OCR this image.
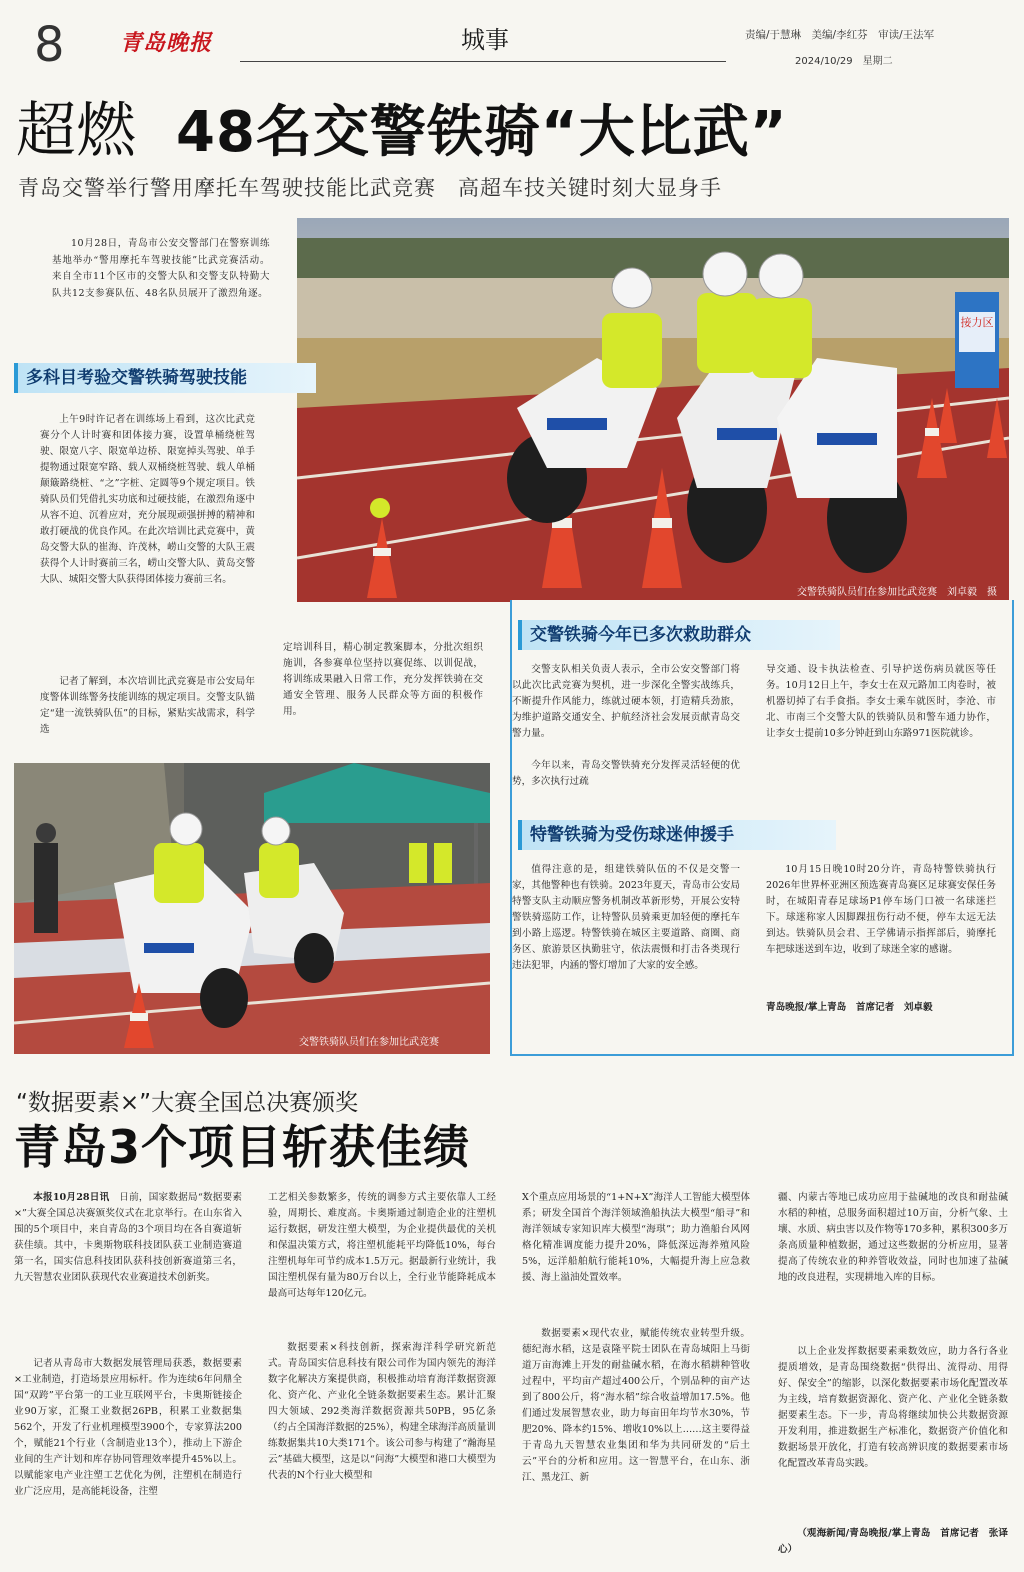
8	青岛晚报	城事	责编/于慧琳　美编/李红芬　审读/王法军
2024/10/29　星期二
超燃 48名交警铁骑“大比武”
青岛交警举行警用摩托车驾驶技能比武竞赛　高超车技关键时刻大显身手

10月28日，青岛市公安交警部门在警察训练基地举办“警用摩托车驾驶技能”比武竞赛活动。来自全市11个区市的交警大队和交警支队特勤大队共12支参赛队伍、48名队员展开了激烈角逐。

接力区
交警铁骑队员们在参加比武竞赛　刘卓毅　摄
多科目考验交警铁骑驾驶技能

上午9时许记者在训练场上看到，这次比武竞赛分个人计时赛和团体接力赛，设置单桶绕桩驾驶、限宽八字、限宽单边桥、限宽掉头驾驶、单手提物通过限宽窄路、载人双桶绕桩驾驶、载人单桶颠簸路绕桩、“之”字桩、定圆等9个规定项目。铁骑队员们凭借扎实功底和过硬技能，在激烈角逐中从容不迫、沉着应对，充分展现顽强拼搏的精神和敢打硬战的优良作风。在此次培训比武竞赛中，黄岛交警大队的崔海、许茂林，崂山交警的大队王震获得个人计时赛前三名，崂山交警大队、黄岛交警大队、城阳交警大队获得团体接力赛前三名。

记者了解到，本次培训比武竞赛是市公安局年度警体训练警务技能训练的规定项目。交警支队锚定“建一流铁骑队伍”的目标，紧贴实战需求，科学选

定培训科目，精心制定教案脚本，分批次组织施训，各参赛单位坚持以赛促练、以训促战，将训练成果融入日常工作，充分发挥铁骑在交通安全管理、服务人民群众等方面的积极作用。

交警铁骑今年已多次救助群众

交警支队相关负责人表示，全市公安交警部门将以此次比武竞赛为契机，进一步深化全警实战练兵，不断提升作风能力，练就过硬本领，打造精兵劲旅，为维护道路交通安全、护航经济社会发展贡献青岛交警力量。

今年以来，青岛交警铁骑充分发挥灵活轻便的优势，多次执行过疏

导交通、设卡执法检查、引导护送伤病员就医等任务。10月12日上午，李女士在双元路加工肉卷时，被机器切掉了右手食指。李女士乘车就医时，李沧、市北、市南三个交警大队的铁骑队员和警车通力协作，让李女士提前10多分钟赶到山东路971医院就诊。

特警铁骑为受伤球迷伸援手

值得注意的是，组建铁骑队伍的不仅是交警一家，其他警种也有铁骑。2023年夏天，青岛市公安局特警支队主动顺应警务机制改革新形势，开展公安特警铁骑巡防工作，让特警队员骑乘更加轻便的摩托车到小路上巡逻。特警铁骑在城区主要道路、商圈、商务区、旅游景区执勤驻守，依法震慑和打击各类现行违法犯罪，内涵的警灯增加了大家的安全感。

10月15日晚10时20分许，青岛特警铁骑执行2026年世界杯亚洲区预选赛青岛赛区足球赛安保任务时，在城阳青春足球场P1停车场门口被一名球迷拦下。球迷称家人因脚踝扭伤行动不便，停车太远无法到达。铁骑队员会君、王学佛请示指挥部后，骑摩托车把球迷送到车边，收到了球迷全家的感谢。

青岛晚报/掌上青岛　首席记者　刘卓毅
交警铁骑队员们在参加比武竞赛
“数据要素×”大赛全国总决赛颁奖
青岛3个项目斩获佳绩

本报10月28日讯　 日前，国家数据局“数据要素×”大赛全国总决赛颁奖仪式在北京举行。在山东省入围的5个项目中，来自青岛的3个项目均在各自赛道斩获佳绩。其中，卡奥斯物联科技团队获工业制造赛道第一名，国实信息科技团队获科技创新赛道第三名，九天智慧农业团队获现代农业赛道技术创新奖。

记者从青岛市大数据发展管理局获悉，数据要素×工业制造，打造场景应用标杆。作为连续6年问鼎全国“双跨”平台第一的工业互联网平台，卡奥斯链接企业90万家，汇聚工业数据26PB，积累工业数据集562个，开发了行业机理模型3900个，专家算法200个，赋能21个行业（含制造业13个），推动上下游企业间的生产计划和库存协同管理效率提升45%以上。以赋能家电产业注塑工艺优化为例，注塑机在制造行业广泛应用，是高能耗设备，注塑

工艺相关参数繁多，传统的调参方式主要依靠人工经验，周期长、难度高。卡奥斯通过制造企业的注塑机运行数据，研发注塑大模型，为企业提供最优的关机和保温决策方式，将注塑机能耗平均降低10%，每台注塑机每年可节约成本1.5万元。据最新行业统计，我国注塑机保有量为80万台以上，全行业节能降耗成本最高可达每年120亿元。

数据要素×科技创新，探索海洋科学研究新范式。青岛国实信息科技有限公司作为国内领先的海洋数字化解决方案提供商，积极推动培育海洋数据资源化、资产化、产业化全链条数据要素生态。累计汇聚四大领域、292类海洋数据资源共50PB，95亿条（约占全国海洋数据的25%），构建全球海洋高质量训练数据集共10大类171个。该公司参与构建了“瀚海星云”基础大模型，这是以“问海”大模型和港口大模型为代表的N个行业大模型和

X个重点应用场景的“1+N+X”海洋人工智能大模型体系；研发全国首个海洋领域渔船执法大模型“船寻”和海洋领域专家知识库大模型“海琪”；助力渔船台风网格化精准调度能力提升20%，降低深远海养殖风险5%，远洋船舶航行能耗10%，大幅提升海上应急救援、海上溢油处置效率。

数据要素×现代农业，赋能传统农业转型升级。德纪海水稻，这是袁隆平院士团队在青岛城阳上马街道万亩海滩上开发的耐盐碱水稻，在海水稻耕种管收过程中，平均亩产超过400公斤，个别品种的亩产达到了800公斤，将“海水稻”综合收益增加17.5%。他们通过发展智慧农业，助力每亩田年均节水30%，节肥20%、降本约15%、增收10%以上……这主要得益于青岛九天智慧农业集团和华为共同研发的“后土云”平台的分析和应用。这一智慧平台，在山东、浙江、黑龙江、新

疆、内蒙古等地已成功应用于盐碱地的改良和耐盐碱水稻的种植，总服务面积超过10万亩，分析气象、土壤、水质、病虫害以及作物等170多种，累积300多万条高质量种植数据，通过这些数据的分析应用，显著提高了传统农业的种养管收效益，同时也加速了盐碱地的改良进程，实现耕地入库的目标。

以上企业发挥数据要素乘数效应，助力各行各业提质增效，是青岛围绕数据“供得出、流得动、用得好、保安全”的缩影，以深化数据要素市场化配置改革为主线，培育数据资源化、资产化、产业化全链条数据要素生态。下一步，青岛将继续加快公共数据资源开发利用，推进数据生产标准化，数据资产价值化和数据场景开放化，打造有较高辨识度的数据要素市场化配置改革青岛实践。

（观海新闻/青岛晚报/掌上青岛　首席记者　张译心）
